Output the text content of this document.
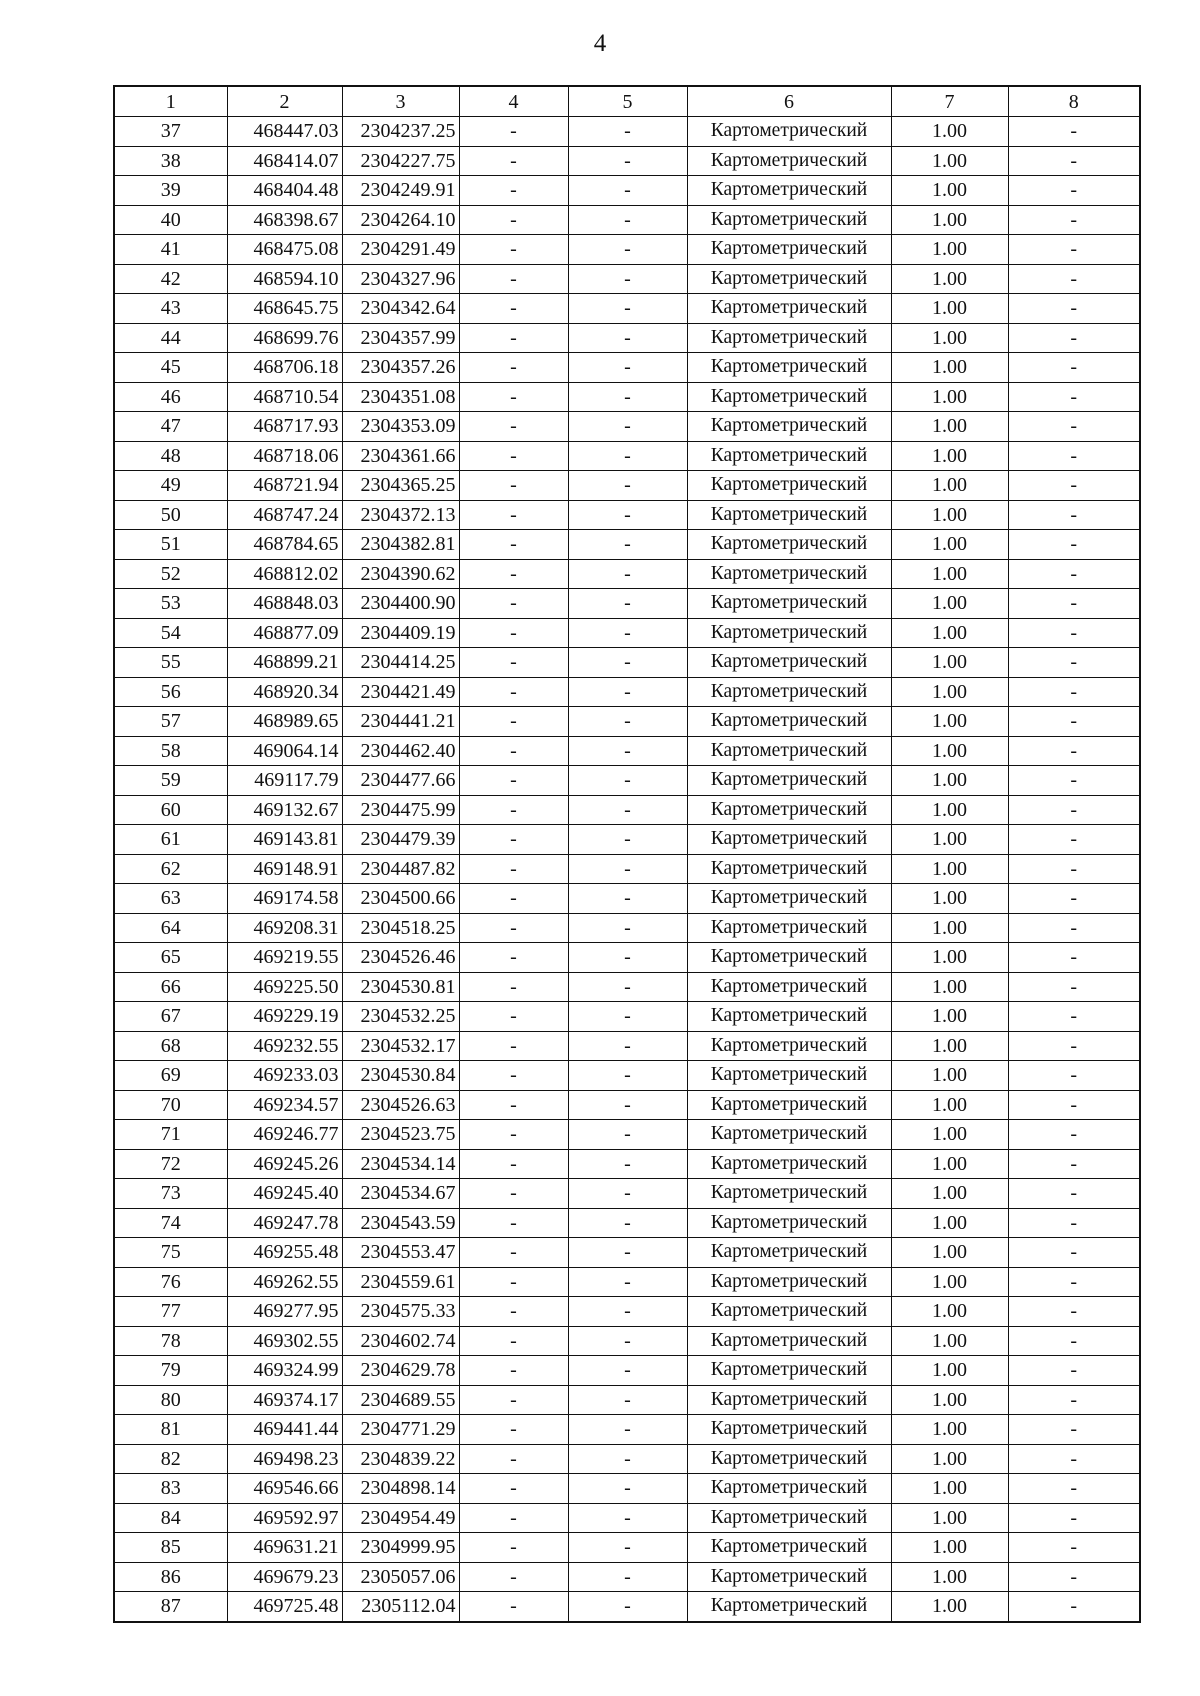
4
1	2	3	4	5	6	7	8
37	468447.03	2304237.25	-	-	Картометрический	1.00	-
38	468414.07	2304227.75	-	-	Картометрический	1.00	-
39	468404.48	2304249.91	-	-	Картометрический	1.00	-
40	468398.67	2304264.10	-	-	Картометрический	1.00	-
41	468475.08	2304291.49	-	-	Картометрический	1.00	-
42	468594.10	2304327.96	-	-	Картометрический	1.00	-
43	468645.75	2304342.64	-	-	Картометрический	1.00	-
44	468699.76	2304357.99	-	-	Картометрический	1.00	-
45	468706.18	2304357.26	-	-	Картометрический	1.00	-
46	468710.54	2304351.08	-	-	Картометрический	1.00	-
47	468717.93	2304353.09	-	-	Картометрический	1.00	-
48	468718.06	2304361.66	-	-	Картометрический	1.00	-
49	468721.94	2304365.25	-	-	Картометрический	1.00	-
50	468747.24	2304372.13	-	-	Картометрический	1.00	-
51	468784.65	2304382.81	-	-	Картометрический	1.00	-
52	468812.02	2304390.62	-	-	Картометрический	1.00	-
53	468848.03	2304400.90	-	-	Картометрический	1.00	-
54	468877.09	2304409.19	-	-	Картометрический	1.00	-
55	468899.21	2304414.25	-	-	Картометрический	1.00	-
56	468920.34	2304421.49	-	-	Картометрический	1.00	-
57	468989.65	2304441.21	-	-	Картометрический	1.00	-
58	469064.14	2304462.40	-	-	Картометрический	1.00	-
59	469117.79	2304477.66	-	-	Картометрический	1.00	-
60	469132.67	2304475.99	-	-	Картометрический	1.00	-
61	469143.81	2304479.39	-	-	Картометрический	1.00	-
62	469148.91	2304487.82	-	-	Картометрический	1.00	-
63	469174.58	2304500.66	-	-	Картометрический	1.00	-
64	469208.31	2304518.25	-	-	Картометрический	1.00	-
65	469219.55	2304526.46	-	-	Картометрический	1.00	-
66	469225.50	2304530.81	-	-	Картометрический	1.00	-
67	469229.19	2304532.25	-	-	Картометрический	1.00	-
68	469232.55	2304532.17	-	-	Картометрический	1.00	-
69	469233.03	2304530.84	-	-	Картометрический	1.00	-
70	469234.57	2304526.63	-	-	Картометрический	1.00	-
71	469246.77	2304523.75	-	-	Картометрический	1.00	-
72	469245.26	2304534.14	-	-	Картометрический	1.00	-
73	469245.40	2304534.67	-	-	Картометрический	1.00	-
74	469247.78	2304543.59	-	-	Картометрический	1.00	-
75	469255.48	2304553.47	-	-	Картометрический	1.00	-
76	469262.55	2304559.61	-	-	Картометрический	1.00	-
77	469277.95	2304575.33	-	-	Картометрический	1.00	-
78	469302.55	2304602.74	-	-	Картометрический	1.00	-
79	469324.99	2304629.78	-	-	Картометрический	1.00	-
80	469374.17	2304689.55	-	-	Картометрический	1.00	-
81	469441.44	2304771.29	-	-	Картометрический	1.00	-
82	469498.23	2304839.22	-	-	Картометрический	1.00	-
83	469546.66	2304898.14	-	-	Картометрический	1.00	-
84	469592.97	2304954.49	-	-	Картометрический	1.00	-
85	469631.21	2304999.95	-	-	Картометрический	1.00	-
86	469679.23	2305057.06	-	-	Картометрический	1.00	-
87	469725.48	2305112.04	-	-	Картометрический	1.00	-
